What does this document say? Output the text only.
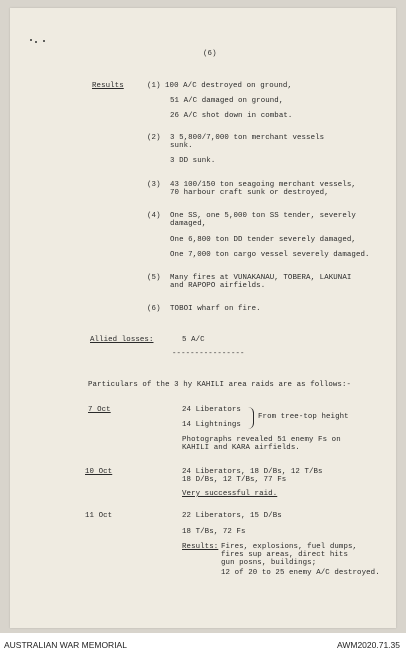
(6)
Results	(1) 100 A/C destroyed on ground,
51 A/C damaged on ground,
26 A/C shot down in combat.
(2) 3 5,800/7,000 ton merchant vessels
sunk.
3 DD sunk.
(3) 43 100/150 ton seagoing merchant vessels,
70 harbour craft sunk or destroyed,
(4) One SS, one 5,000 ton SS tender, severely
damaged,
One 6,800 ton DD tender severely damaged,
One 7,000 ton cargo vessel severely damaged.
(5) Many fires at VUNAKANAU, TOBERA, LAKUNAI
and RAPOPO airfields.
(6) TOBOI wharf on fire.
Allied losses:	5 A/C
----------------
Particulars of the 3 hy KAHILI area raids are as follows:-
7 Oct	24 Liberators
14 Lightnings
From tree-top height
Photographs revealed 51 enemy Fs on
KAHILI and KARA airfields.
10 Oct	24 Liberators, 18 D/Bs, 12 T/Bs
18 D/Bs, 12 T/Bs, 77 Fs
Very successful raid.
11 Oct	22 Liberators, 15 D/Bs
18 T/Bs, 72 Fs
Results: Fires, explosions, fuel dumps,
fires sup areas, direct hits
gun posns, buildings;
12 of 20 to 25 enemy A/C destroyed.
AUSTRALIAN WAR MEMORIAL	AWM2020.71.35
